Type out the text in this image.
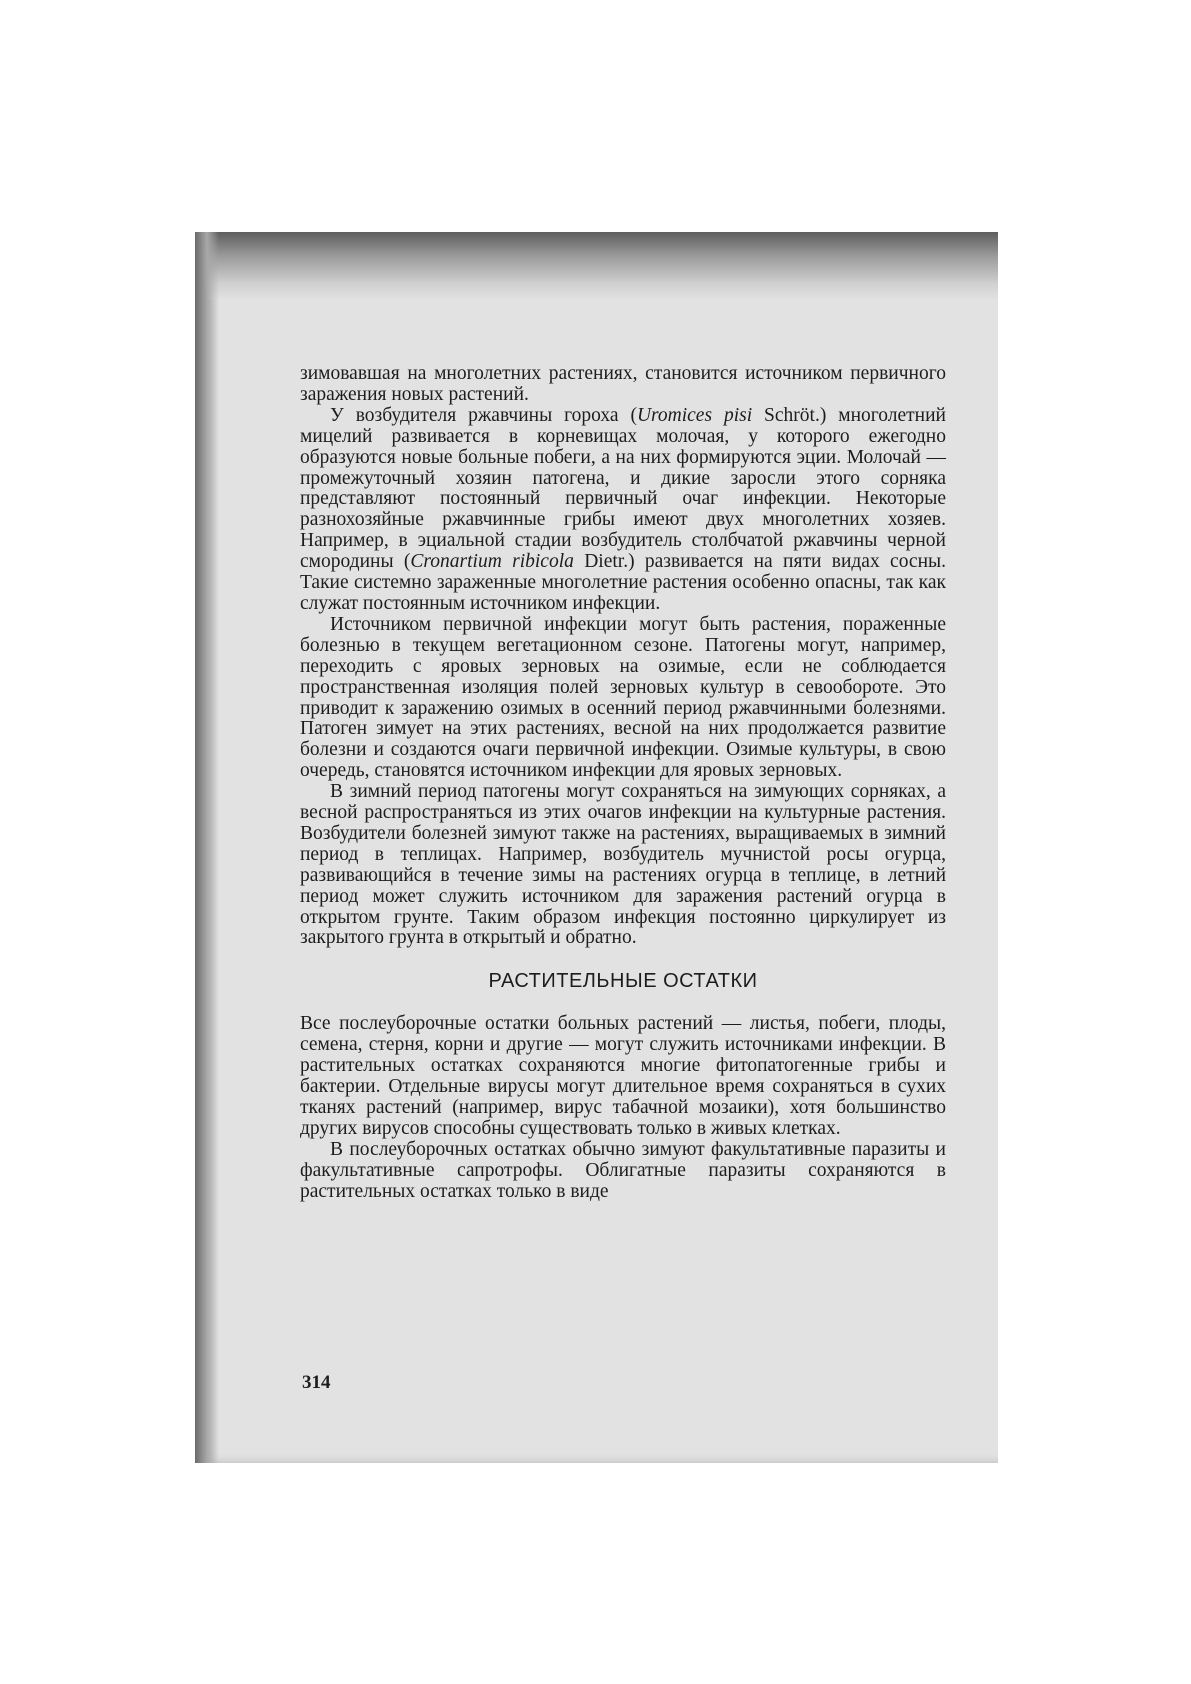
зимовавшая на многолетних растениях, становится источником первичного заражения новых растений.

У возбудителя ржавчины гороха (Uromices pisi Schröt.) многолетний мицелий развивается в корневищах молочая, у которого ежегодно образуются новые больные побеги, а на них формируются эции. Молочай — промежуточный хозяин патогена, и дикие заросли этого сорняка представляют постоянный первичный очаг инфекции. Некоторые разнохозяйные ржавчинные грибы имеют двух многолетних хозяев. Например, в эциальной стадии возбудитель столбчатой ржавчины черной смородины (Cronartium ribicola Dietr.) развивается на пяти видах сосны. Такие системно зараженные многолетние растения особенно опасны, так как служат постоянным источником инфекции.

Источником первичной инфекции могут быть растения, пораженные болезнью в текущем вегетационном сезоне. Патогены могут, например, переходить с яровых зерновых на озимые, если не соблюдается пространственная изоляция полей зерновых культур в севообороте. Это приводит к заражению озимых в осенний период ржавчинными болезнями. Патоген зимует на этих растениях, весной на них продолжается развитие болезни и создаются очаги первичной инфекции. Озимые культуры, в свою очередь, становятся источником инфекции для яровых зерновых.

В зимний период патогены могут сохраняться на зимующих сорняках, а весной распространяться из этих очагов инфекции на культурные растения. Возбудители болезней зимуют также на растениях, выращиваемых в зимний период в теплицах. Например, возбудитель мучнистой росы огурца, развивающийся в течение зимы на растениях огурца в теплице, в летний период может служить источником для заражения растений огурца в открытом грунте. Таким образом инфекция постоянно циркулирует из закрытого грунта в открытый и обратно.

РАСТИТЕЛЬНЫЕ ОСТАТКИ

Все послеуборочные остатки больных растений — листья, побеги, плоды, семена, стерня, корни и другие — могут служить источниками инфекции. В растительных остатках сохраняются многие фитопатогенные грибы и бактерии. Отдельные вирусы могут длительное время сохраняться в сухих тканях растений (например, вирус табачной мозаики), хотя большинство других вирусов способны существовать только в живых клетках.

В послеуборочных остатках обычно зимуют факультативные паразиты и факультативные сапротрофы. Облигатные паразиты сохраняются в растительных остатках только в виде

314
